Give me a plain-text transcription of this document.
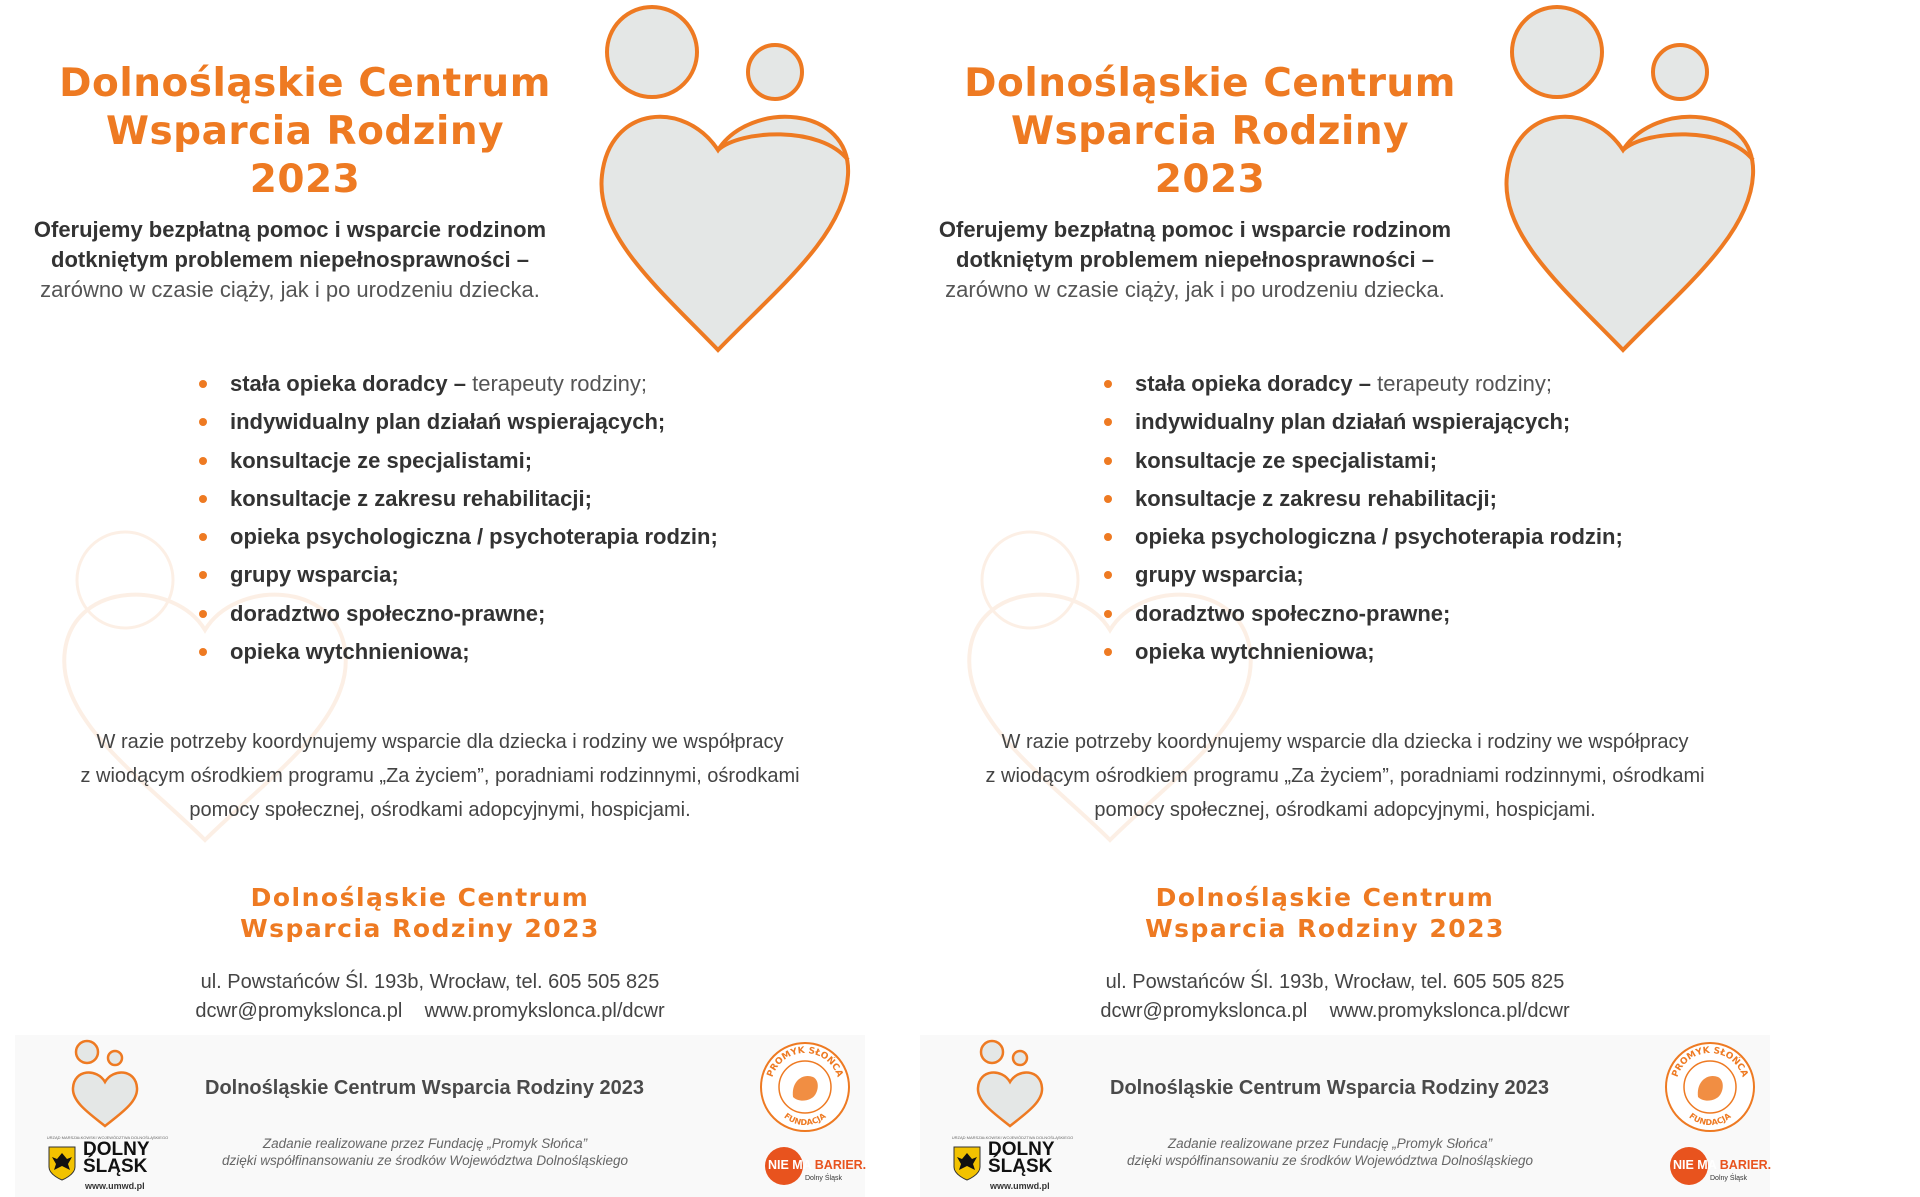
Dolnośląskie Centrum
Wsparcia Rodziny 2023
Oferujemy bezpłatną pomoc i wsparcie rodzinom
dotkniętym problemem niepełnosprawności –
zarówno w czasie ciąży, jak i po urodzeniu dziecka.
stała opieka doradcy – terapeuty rodziny;
indywidualny plan działań wspierających;
konsultacje ze specjalistami;
konsultacje z zakresu rehabilitacji;
opieka psychologiczna / psychoterapia rodzin;
grupy wsparcia;
doradztwo społeczno-prawne;
opieka wytchnieniowa;
W razie potrzeby koordynujemy wsparcie dla dziecka i rodziny we współpracy
z wiodącym ośrodkiem programu „Za życiem”, poradniami rodzinnymi, ośrodkami
pomocy społecznej, ośrodkami adopcyjnymi, hospicjami.
Dolnośląskie Centrum
Wsparcia Rodziny 2023
ul. Powstańców Śl. 193b, Wrocław, tel. 605 505 825
dcwr@promykslonca.pl    www.promykslonca.pl/dcwr
URZĄD MARSZAŁKOWSKI WOJEWÓDZTWA DOLNOŚLĄSKIEGO
DOLNY
ŚLĄSK
www.umwd.pl
Dolnośląskie Centrum Wsparcia Rodziny 2023
Zadanie realizowane przez Fundację „Promyk Słońca”
dzięki współfinansowaniu ze środków Województwa Dolnośląskiego
PROMYK SŁOŃCA
FUNDACJA
NIE MA BARIER.
Dolny Śląsk
Dolnośląskie Centrum
Wsparcia Rodziny 2023
Oferujemy bezpłatną pomoc i wsparcie rodzinom
dotkniętym problemem niepełnosprawności –
zarówno w czasie ciąży, jak i po urodzeniu dziecka.
stała opieka doradcy – terapeuty rodziny;
indywidualny plan działań wspierających;
konsultacje ze specjalistami;
konsultacje z zakresu rehabilitacji;
opieka psychologiczna / psychoterapia rodzin;
grupy wsparcia;
doradztwo społeczno-prawne;
opieka wytchnieniowa;
W razie potrzeby koordynujemy wsparcie dla dziecka i rodziny we współpracy
z wiodącym ośrodkiem programu „Za życiem”, poradniami rodzinnymi, ośrodkami
pomocy społecznej, ośrodkami adopcyjnymi, hospicjami.
Dolnośląskie Centrum
Wsparcia Rodziny 2023
ul. Powstańców Śl. 193b, Wrocław, tel. 605 505 825
dcwr@promykslonca.pl    www.promykslonca.pl/dcwr
URZĄD MARSZAŁKOWSKI WOJEWÓDZTWA DOLNOŚLĄSKIEGO
DOLNY
ŚLĄSK
www.umwd.pl
Dolnośląskie Centrum Wsparcia Rodziny 2023
Zadanie realizowane przez Fundację „Promyk Słońca”
dzięki współfinansowaniu ze środków Województwa Dolnośląskiego
PROMYK SŁOŃCA
FUNDACJA
NIE MA BARIER.
Dolny Śląsk
